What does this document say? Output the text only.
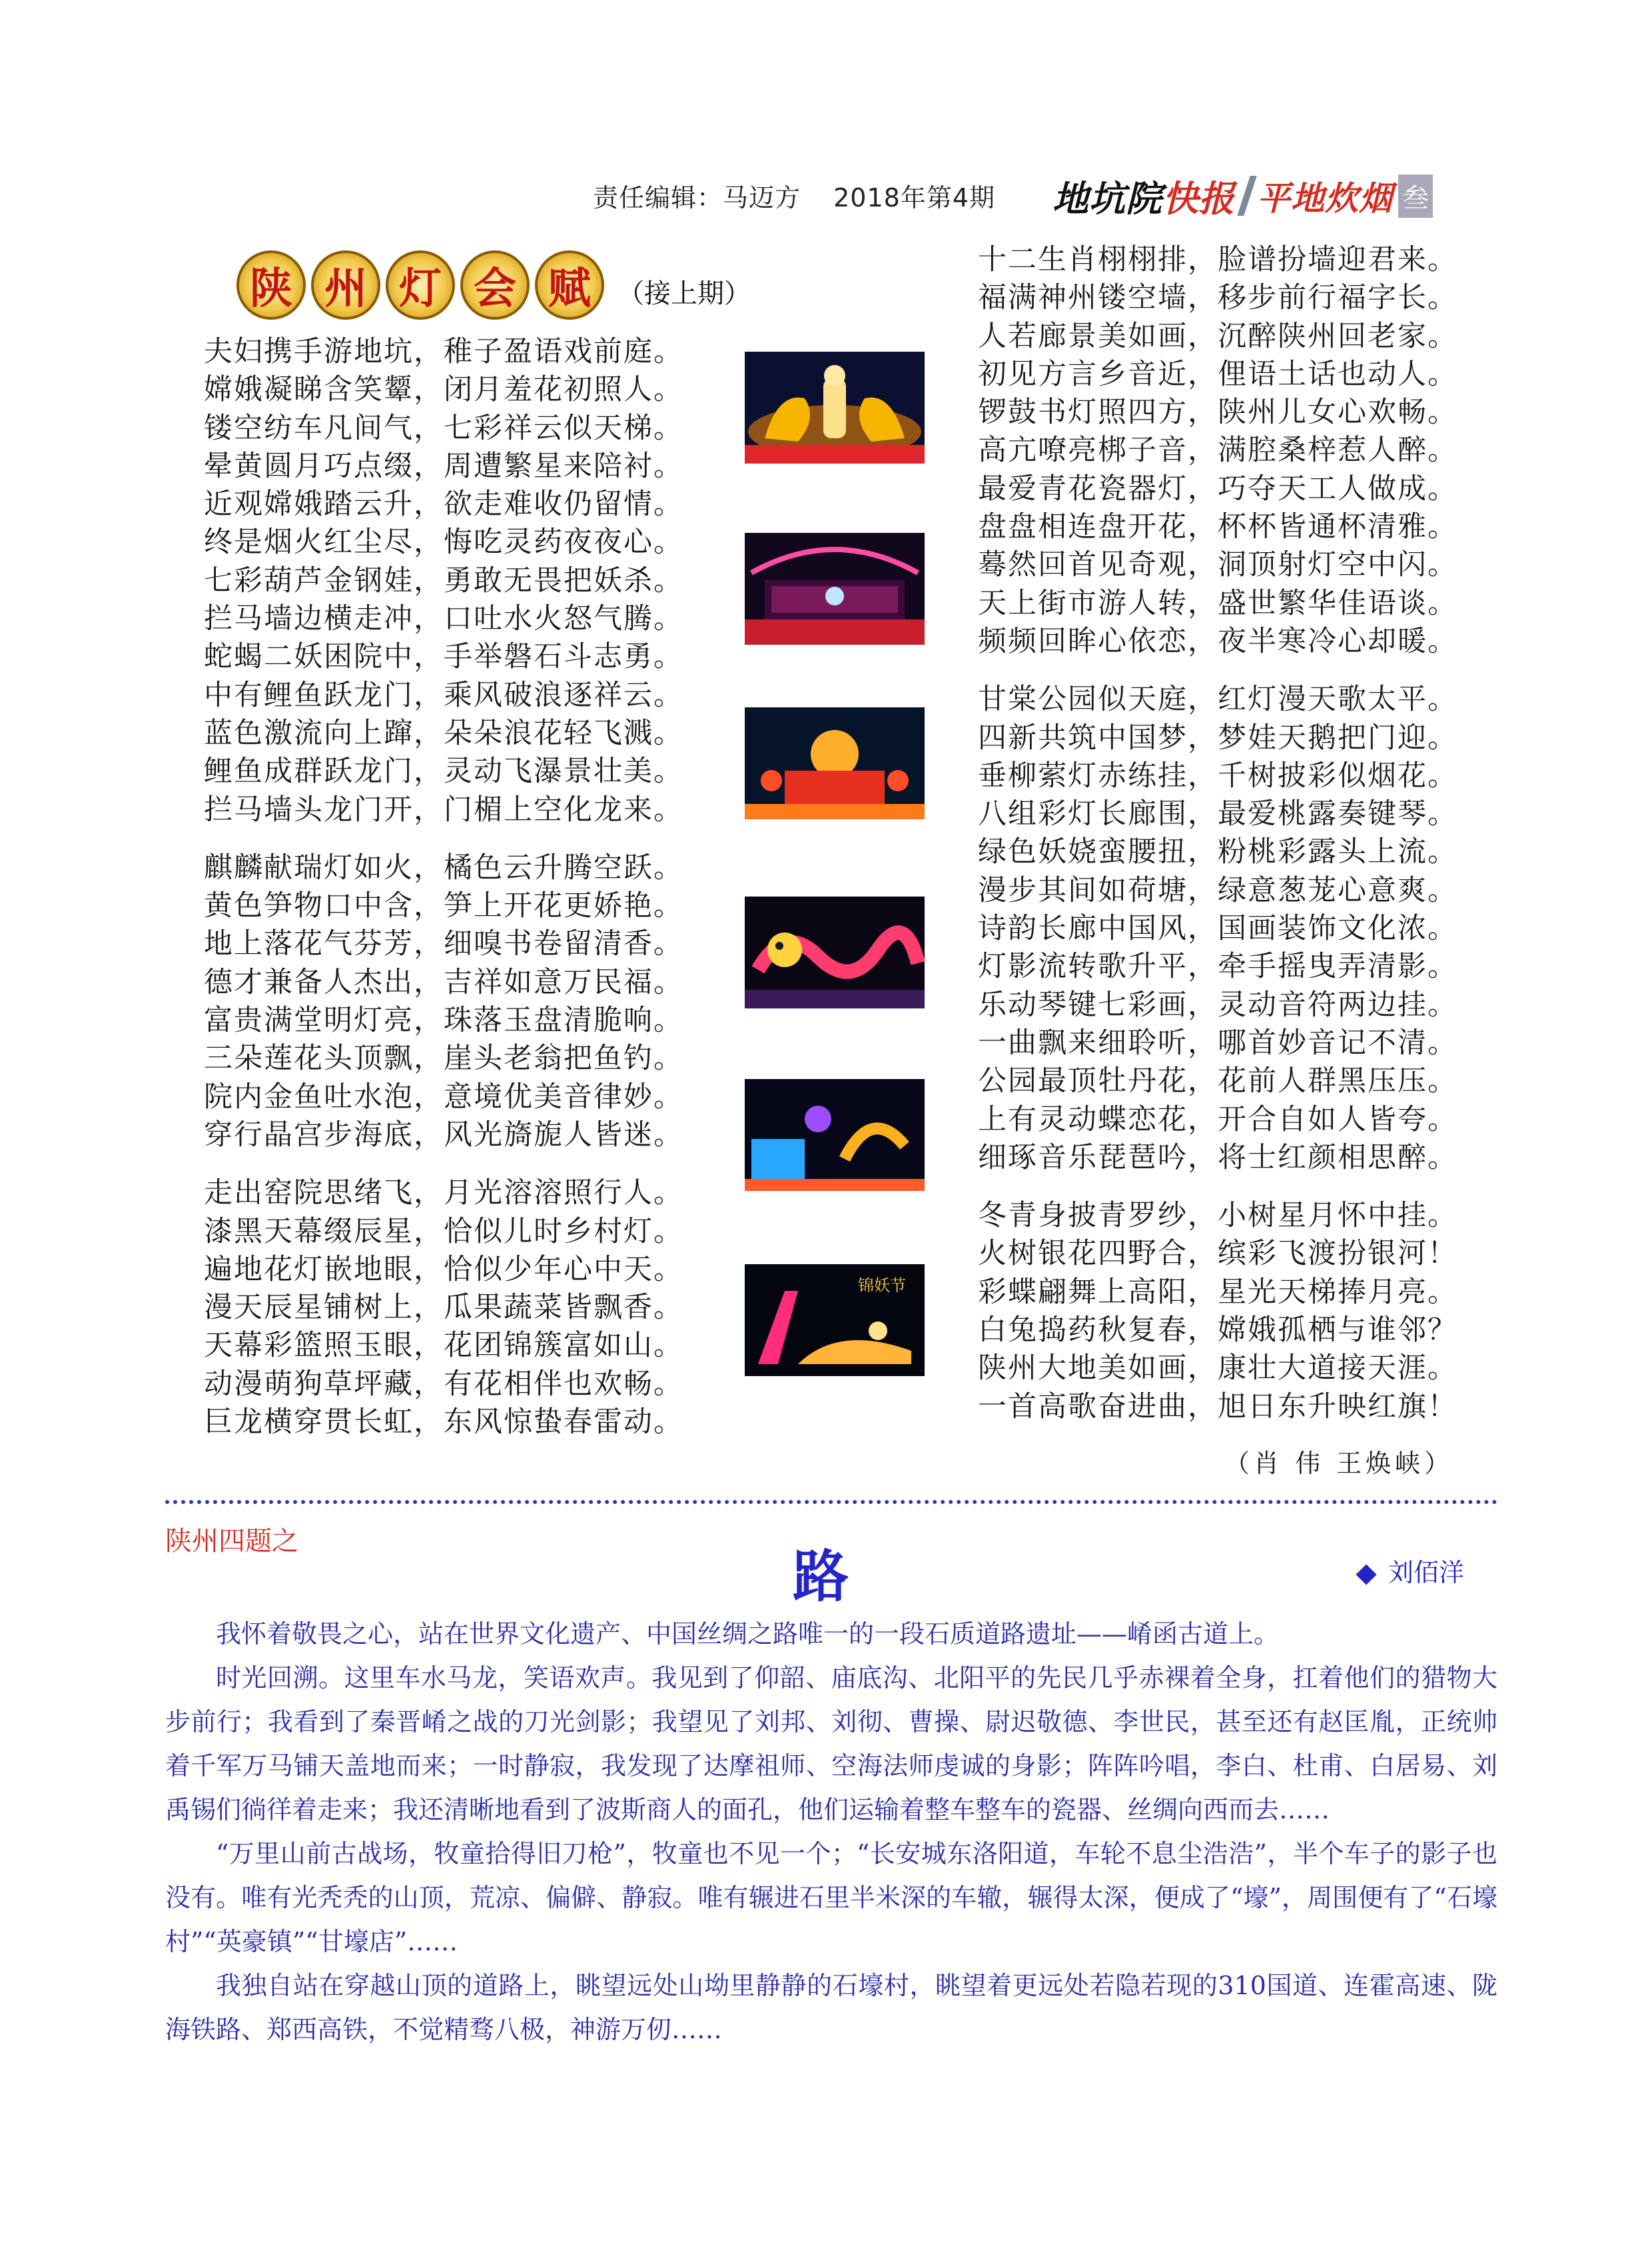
责任编辑：马迈方 2018年第4期	地坑院 快报 平地炊烟 叁
陕 州 灯 会 赋	（接上期）
夫妇携手游地坑，稚子盈语戏前庭。
嫦娥凝睇含笑颦，闭月羞花初照人。
镂空纺车凡间气，七彩祥云似天梯。
晕黄圆月巧点缀，周遭繁星来陪衬。
近观嫦娥踏云升，欲走难收仍留情。
终是烟火红尘尽，悔吃灵药夜夜心。
七彩葫芦金钢娃，勇敢无畏把妖杀。
拦马墙边横走冲，口吐水火怒气腾。
蛇蝎二妖困院中，手举磐石斗志勇。
中有鲤鱼跃龙门，乘风破浪逐祥云。
蓝色激流向上蹿，朵朵浪花轻飞溅。
鲤鱼成群跃龙门，灵动飞瀑景壮美。
拦马墙头龙门开，门楣上空化龙来。
麒麟献瑞灯如火，橘色云升腾空跃。
黄色笋物口中含，笋上开花更娇艳。
地上落花气芬芳，细嗅书卷留清香。
德才兼备人杰出，吉祥如意万民福。
富贵满堂明灯亮，珠落玉盘清脆响。
三朵莲花头顶飘，崖头老翁把鱼钓。
院内金鱼吐水泡，意境优美音律妙。
穿行晶宫步海底，风光旖旎人皆迷。
走出窑院思绪飞，月光溶溶照行人。
漆黑天幕缀辰星，恰似儿时乡村灯。
遍地花灯嵌地眼，恰似少年心中天。
漫天辰星铺树上，瓜果蔬菜皆飘香。
天幕彩篮照玉眼，花团锦簇富如山。
动漫萌狗草坪藏，有花相伴也欢畅。
巨龙横穿贯长虹，东风惊蛰春雷动。
十二生肖栩栩排，脸谱扮墙迎君来。
福满神州镂空墙，移步前行福字长。
人若廊景美如画，沉醉陕州回老家。
初见方言乡音近，俚语土话也动人。
锣鼓书灯照四方，陕州儿女心欢畅。
高亢嘹亮梆子音，满腔桑梓惹人醉。
最爱青花瓷器灯，巧夺天工人做成。
盘盘相连盘开花，杯杯皆通杯清雅。
蓦然回首见奇观，洞顶射灯空中闪。
天上街市游人转，盛世繁华佳语谈。
频频回眸心依恋，夜半寒冷心却暖。
甘棠公园似天庭，红灯漫天歌太平。
四新共筑中国梦，梦娃天鹅把门迎。
垂柳萦灯赤练挂，千树披彩似烟花。
八组彩灯长廊围，最爱桃露奏键琴。
绿色妖娆蛮腰扭，粉桃彩露头上流。
漫步其间如荷塘，绿意葱茏心意爽。
诗韵长廊中国风，国画装饰文化浓。
灯影流转歌升平，牵手摇曳弄清影。
乐动琴键七彩画，灵动音符两边挂。
一曲飘来细聆听，哪首妙音记不清。
公园最顶牡丹花，花前人群黑压压。
上有灵动蝶恋花，开合自如人皆夸。
细琢音乐琵琶吟，将士红颜相思醉。
冬青身披青罗纱，小树星月怀中挂。
火树银花四野合，缤彩飞渡扮银河！
彩蝶翩舞上高阳，星光天梯捧月亮。
白兔捣药秋复春，嫦娥孤栖与谁邻？
陕州大地美如画，康壮大道接天涯。
一首高歌奋进曲，旭日东升映红旗！
（肖 伟 王焕峡）
锦妖节
陕州四题之
路	刘佰洋

我怀着敬畏之心，站在世界文化遗产、中国丝绸之路唯一的一段石质道路遗址——崤函古道上。

时光回溯。这里车水马龙，笑语欢声。我见到了仰韶、庙底沟、北阳平的先民几乎赤裸着全身，扛着他们的猎物大步前行；我看到了秦晋崤之战的刀光剑影；我望见了刘邦、刘彻、曹操、尉迟敬德、李世民，甚至还有赵匡胤，正统帅着千军万马铺天盖地而来；一时静寂，我发现了达摩祖师、空海法师虔诚的身影；阵阵吟唱，李白、杜甫、白居易、刘禹锡们徜徉着走来；我还清晰地看到了波斯商人的面孔，他们运输着整车整车的瓷器、丝绸向西而去……

“万里山前古战场，牧童拾得旧刀枪”，牧童也不见一个；“长安城东洛阳道，车轮不息尘浩浩”，半个车子的影子也没有。唯有光秃秃的山顶，荒凉、偏僻、静寂。唯有辗进石里半米深的车辙，辗得太深，便成了“壕”，周围便有了“石壕村”“英豪镇”“甘壕店”……

我独自站在穿越山顶的道路上，眺望远处山坳里静静的石壕村，眺望着更远处若隐若现的310国道、连霍高速、陇海铁路、郑西高铁，不觉精骛八极，神游万仞……
